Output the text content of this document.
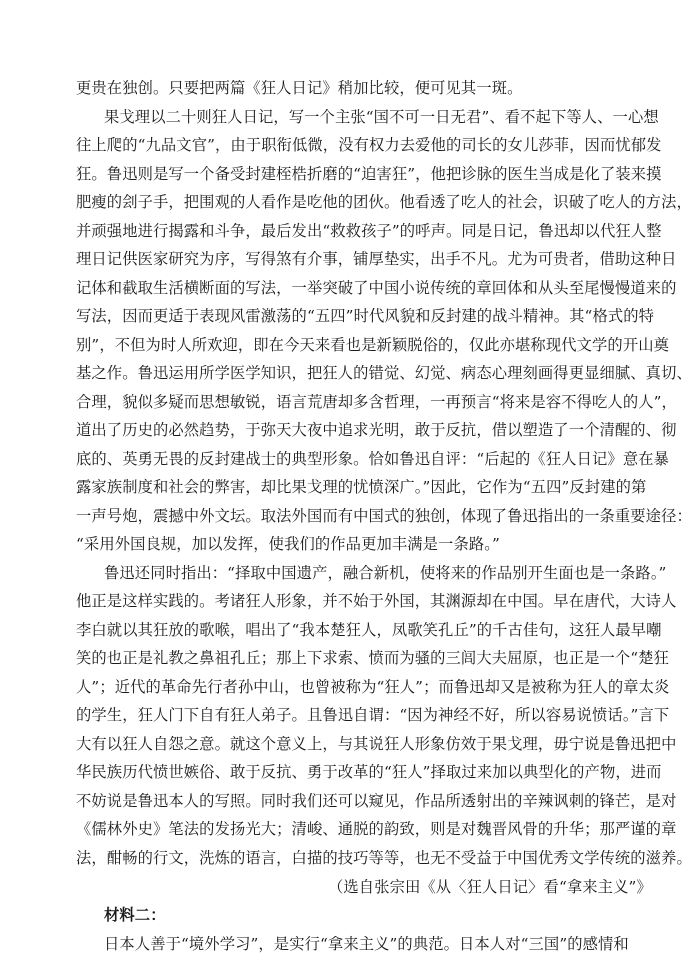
更贵在独创。只要把两篇《狂人日记》稍加比较，便可见其一斑。
果戈理以二十则狂人日记，写一个主张“国不可一日无君”、看不起下等人、一心想
往上爬的“九品文官”，由于职衔低微，没有权力去爱他的司长的女儿莎菲，因而忧郁发
狂。鲁迅则是写一个备受封建桎梏折磨的“迫害狂”，他把诊脉的医生当成是化了装来摸
肥瘦的刽子手，把围观的人看作是吃他的团伙。他看透了吃人的社会，识破了吃人的方法，
并顽强地进行揭露和斗争，最后发出“救救孩子”的呼声。同是日记，鲁迅却以代狂人整
理日记供医家研究为序，写得煞有介事，铺厚垫实，出手不凡。尤为可贵者，借助这种日
记体和截取生活横断面的写法，一举突破了中国小说传统的章回体和从头至尾慢慢道来的
写法，因而更适于表现风雷激荡的“五四”时代风貌和反封建的战斗精神。其“格式的特
别”，不但为时人所欢迎，即在今天来看也是新颖脱俗的，仅此亦堪称现代文学的开山奠
基之作。鲁迅运用所学医学知识，把狂人的错觉、幻觉、病态心理刻画得更显细腻、真切、
合理，貌似多疑而思想敏锐，语言荒唐却多含哲理，一再预言“将来是容不得吃人的人”，
道出了历史的必然趋势，于弥天大夜中追求光明，敢于反抗，借以塑造了一个清醒的、彻
底的、英勇无畏的反封建战士的典型形象。恰如鲁迅自评：“后起的《狂人日记》意在暴
露家族制度和社会的弊害，却比果戈理的忧愤深广。”因此，它作为“五四”反封建的第
一声号炮，震撼中外文坛。取法外国而有中国式的独创，体现了鲁迅指出的一条重要途径：
“采用外国良规，加以发挥，使我们的作品更加丰满是一条路。”
鲁迅还同时指出：“择取中国遗产，融合新机，使将来的作品别开生面也是一条路。”
他正是这样实践的。考诸狂人形象，并不始于外国，其渊源却在中国。早在唐代，大诗人
李白就以其狂放的歌喉，唱出了“我本楚狂人，凤歌笑孔丘”的千古佳句，这狂人最早嘲
笑的也正是礼教之鼻祖孔丘；那上下求索、愤而为骚的三闾大夫屈原，也正是一个“楚狂
人”；近代的革命先行者孙中山，也曾被称为“狂人”；而鲁迅却又是被称为狂人的章太炎
的学生，狂人门下自有狂人弟子。且鲁迅自谓：“因为神经不好，所以容易说愤话。”言下
大有以狂人自怨之意。就这个意义上，与其说狂人形象仿效于果戈理，毋宁说是鲁迅把中
华民族历代愤世嫉俗、敢于反抗、勇于改革的“狂人”择取过来加以典型化的产物，进而
不妨说是鲁迅本人的写照。同时我们还可以窥见，作品所透射出的辛辣讽刺的锋芒，是对
《儒林外史》笔法的发扬光大；清峻、通脱的韵致，则是对魏晋风骨的升华；那严谨的章
法，酣畅的行文，洗炼的语言，白描的技巧等等，也无不受益于中国优秀文学传统的滋养。
（选自张宗田《从〈狂人日记〉看“拿来主义”》
材料二：
日本人善于“境外学习”，是实行“拿来主义”的典范。日本人对“三国”的感情和
